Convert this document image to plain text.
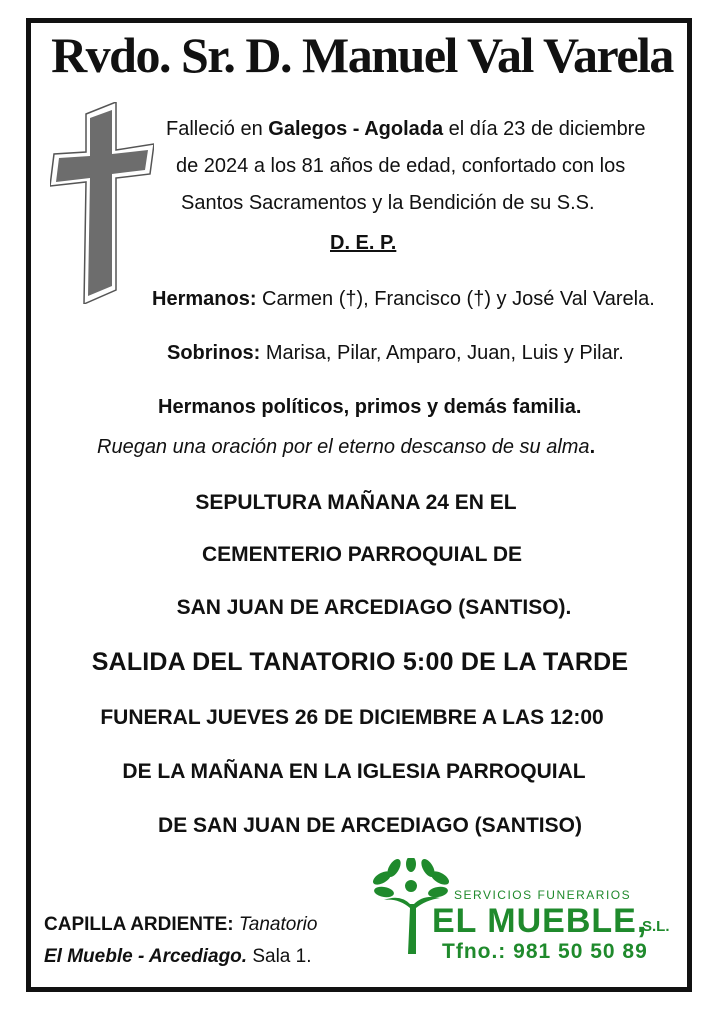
Rvdo. Sr. D. Manuel Val Varela
Falleció en Galegos - Agolada el día 23 de diciembre
de 2024 a los 81 años de edad, confortado con los
Santos Sacramentos y la Bendición de su S.S.
D. E. P.
Hermanos: Carmen (†), Francisco (†) y José Val Varela.
Sobrinos: Marisa, Pilar, Amparo, Juan, Luis y Pilar.
Hermanos políticos, primos y demás familia.
Ruegan una oración por el eterno descanso de su alma.
SEPULTURA MAÑANA 24 EN EL
CEMENTERIO PARROQUIAL DE
SAN JUAN DE ARCEDIAGO (SANTISO).
SALIDA DEL TANATORIO 5:00 DE LA TARDE
FUNERAL JUEVES 26 DE DICIEMBRE A LAS 12:00
DE LA MAÑANA EN LA IGLESIA PARROQUIAL
DE SAN JUAN DE ARCEDIAGO (SANTISO)
CAPILLA ARDIENTE: Tanatorio
El Mueble - Arcediago. Sala 1.
SERVICIOS FUNERARIOS
EL MUEBLE,
S.L.
Tfno.: 981 50 50 89
